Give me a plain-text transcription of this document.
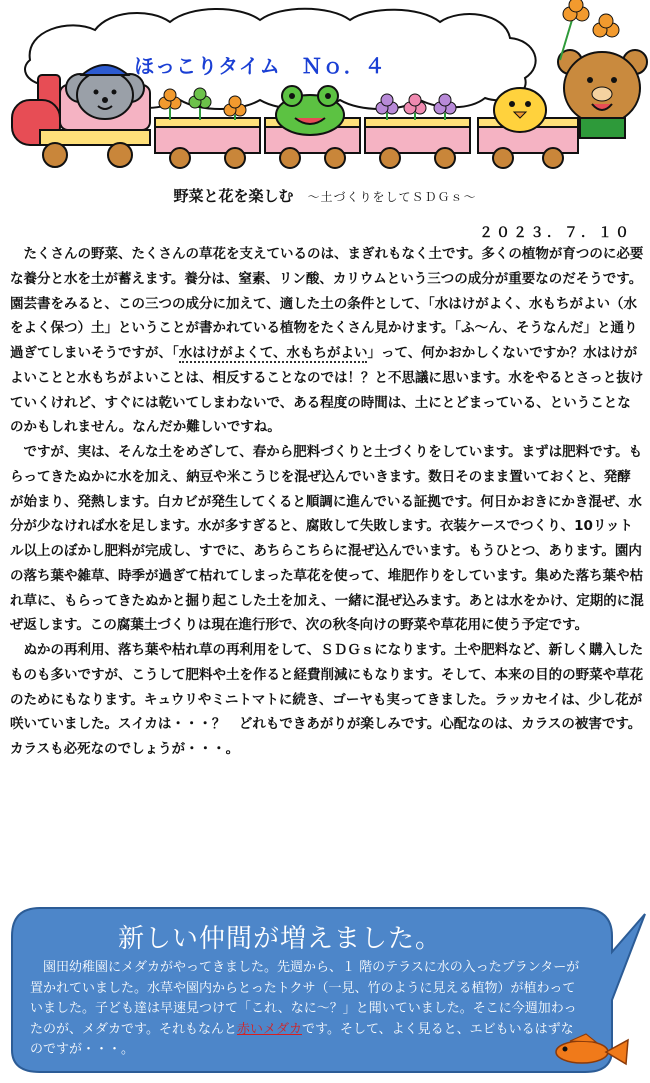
ほっこりタイム　Ｎｏ．４
野菜と花を楽しむ ～土づくりをしてＳＤＧｓ～
２０２３．７．１０

たくさんの野菜、たくさんの草花を支えているのは、まぎれもなく土です。多くの植物が育つのに必要な養分と水を土が蓄えます。養分は、窒素、リン酸、カリウムという三つの成分が重要なのだそうです。園芸書をみると、この三つの成分に加えて、適した土の条件として、「水はけがよく、水もちがよい（水をよく保つ）土」ということが書かれている植物をたくさん見かけます。「ふ～ん、そうなんだ」と通り過ぎてしまいそうですが、「水はけがよくて、水もちがよい」って、何かおかしくないですか？水はけがよいことと水もちがよいことは、相反することなのでは！？と不思議に思います。水をやるとさっと抜けていくけれど、すぐには乾いてしまわないで、ある程度の時間は、土にとどまっている、ということなのかもしれません。なんだか難しいですね。

ですが、実は、そんな土をめざして、春から肥料づくりと土づくりをしています。まずは肥料です。もらってきたぬかに水を加え、納豆や米こうじを混ぜ込んでいきます。数日そのまま置いておくと、発酵が始まり、発熱します。白カビが発生してくると順調に進んでいる証拠です。何日かおきにかき混ぜ、水分が少なければ水を足します。水が多すぎると、腐敗して失敗します。衣装ケースでつくり、10リットル以上のぼかし肥料が完成し、すでに、あちらこちらに混ぜ込んでいます。もうひとつ、あります。園内の落ち葉や雑草、時季が過ぎて枯れてしまった草花を使って、堆肥作りをしています。集めた落ち葉や枯れ草に、もらってきたぬかと掘り起こした土を加え、一緒に混ぜ込みます。あとは水をかけ、定期的に混ぜ返します。この腐葉土づくりは現在進行形で、次の秋冬向けの野菜や草花用に使う予定です。

ぬかの再利用、落ち葉や枯れ草の再利用をして、ＳＤＧｓになります。土や肥料など、新しく購入したものも多いですが、こうして肥料や土を作ると経費削減にもなります。そして、本来の目的の野菜や草花のためにもなります。キュウリやミニトマトに続き、ゴーヤも実ってきました。ラッカセイは、少し花が咲いていました。スイカは・・・？　どれもできあがりが楽しみです。心配なのは、カラスの被害です。カラスも必死なのでしょうが・・・。

新しい仲間が増えました。
園田幼稚園にメダカがやってきました。先週から、１ 階のテラスに水の入ったプランターが置かれていました。水草や園内からとったトクサ（一見、竹のように見える植物）が植わっていました。子ども達は早速見つけて「これ、なに～？」と聞いていました。そこに今週加わったのが、メダカです。それもなんと赤いメダカです。そして、よく見ると、エビもいるはずなのですが・・・。
